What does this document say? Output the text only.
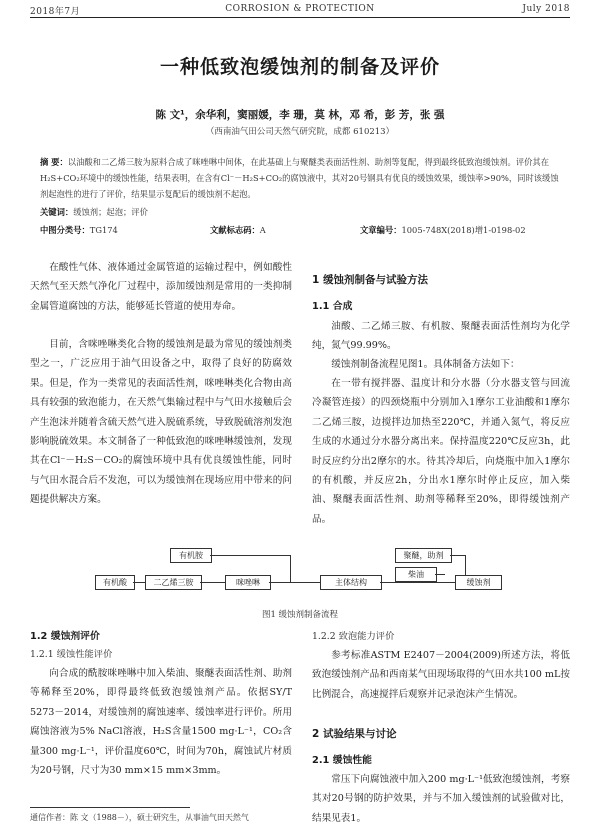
2018年7月	CORROSION & PROTECTION	July 2018
一种低致泡缓蚀剂的制备及评价
陈 文¹，余华利，窦丽媛，李 珊，莫 林，邓 希，彭 芳，张 强
（西南油气田公司天然气研究院，成都 610213）
摘 要：以油酸和二乙烯三胺为原料合成了咪唑啉中间体，在此基础上与聚醚类表面活性剂、助剂等复配，得到最终低致泡缓蚀剂。评价其在H₂S+CO₂环境中的缓蚀性能，结果表明，在含有Cl⁻－H₂S+CO₂的腐蚀液中，其对20号钢具有优良的缓蚀效果，缓蚀率>90%，同时该缓蚀剂起泡性的进行了评价，结果显示复配后的缓蚀剂不起泡。
关键词：缓蚀剂；起泡；评价
中图分类号：TG174	文献标志码：A	文章编号：1005-748X(2018)增1-0198-02
在酸性气体、液体通过金属管道的运输过程中，例如酸性天然气至天然气净化厂过程中，添加缓蚀剂是常用的一类抑制金属管道腐蚀的方法，能够延长管道的使用寿命。
目前，含咪唑啉类化合物的缓蚀剂是最为常见的缓蚀剂类型之一，广泛应用于油气田设备之中，取得了良好的防腐效果。但是，作为一类常见的表面活性剂，咪唑啉类化合物由高具有较强的致泡能力，在天然气集输过程中与气田水接触后会产生泡沫并随着含硫天然气进入脱硫系统，导致脱硫溶剂发泡影响脱硫效果。本文制备了一种低致泡的咪唑啉缓蚀剂，发现其在Cl⁻－H₂S－CO₂的腐蚀环境中具有优良缓蚀性能，同时与气田水混合后不发泡，可以为缓蚀剂在现场应用中带来的问题提供解决方案。
1 缓蚀剂制备与试验方法
1.1 合成
油酸、二乙烯三胺、有机胺、聚醚表面活性剂均为化学纯，氮气99.99%。
缓蚀剂制备流程见图1。具体制备方法如下：
在一带有搅拌器、温度计和分水器（分水器支管与回流冷凝管连接）的四颈烧瓶中分别加入1摩尔工业油酸和1摩尔二乙烯三胺，边搅拌边加热至220℃，并通入氮气，将反应生成的水通过分水器分离出来。保持温度220℃反应3h，此时反应约分出2摩尔的水。待其冷却后，向烧瓶中加入1摩尔的有机酸，并反应2h，分出水1摩尔时停止反应，加入柴油、聚醚表面活性剂、助剂等稀释至20%，即得缓蚀剂产品。
有机胺
有机酸	二乙烯三胺	咪唑啉	主体结构
聚醚，助剂
柴油
缓蚀剂
图1 缓蚀剂制备流程
1.2 缓蚀剂评价
1.2.1 缓蚀性能评价
向合成的酰胺咪唑啉中加入柴油、聚醚表面活性剂、助剂等稀释至20%，即得最终低致泡缓蚀剂产品。依据SY/T 5273－2014，对缓蚀剂的腐蚀速率、缓蚀率进行评价。所用腐蚀溶液为5% NaCl溶液，H₂S含量1500 mg·L⁻¹，CO₂含量300 mg·L⁻¹，评价温度60℃，时间为70h，腐蚀试片材质为20号钢，尺寸为30 mm×15 mm×3mm。
1.2.2 致泡能力评价
参考标准ASTM E2407－2004(2009)所述方法，将低致泡缓蚀剂产品和西南某气田现场取得的气田水共100 mL按比例混合，高速搅拌后观察并记录泡沫产生情况。
2 试验结果与讨论
2.1 缓蚀性能
常压下向腐蚀液中加入200 mg·L⁻¹低致泡缓蚀剂，考察其对20号钢的防护效果，并与不加入缓蚀剂的试验做对比，结果见表1。
通信作者：陈 文（1988－），硕士研究生，从事油气田天然气
